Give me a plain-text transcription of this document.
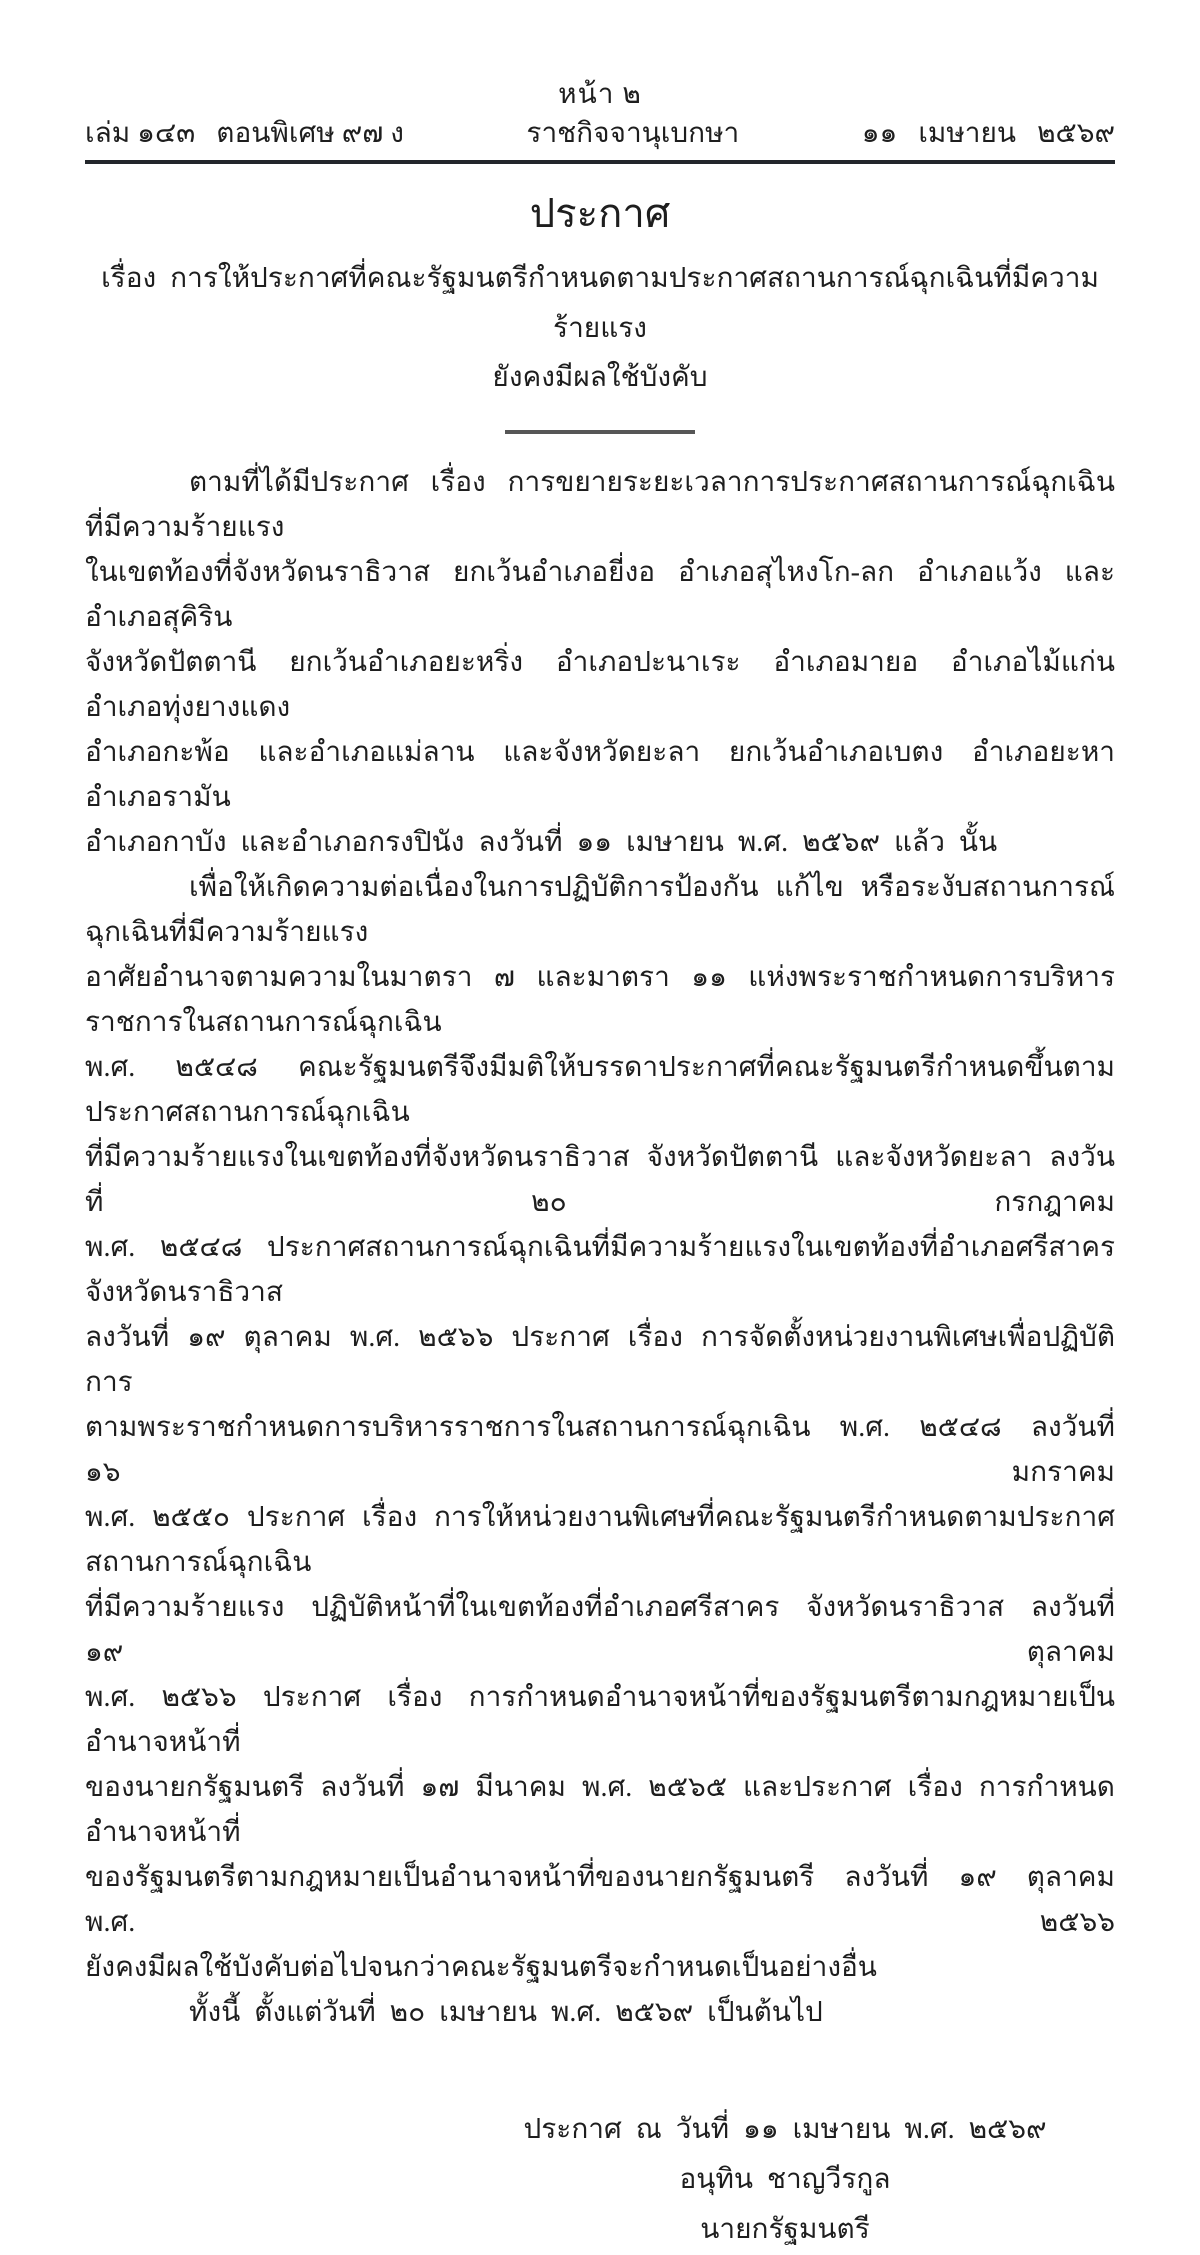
หน้า ๒
เล่ม ๑๔๓   ตอนพิเศษ ๙๗ ง	ราชกิจจานุเบกษา	๑๑   เมษายน   ๒๕๖๙
ประกาศ
เรื่อง  การให้ประกาศที่คณะรัฐมนตรีกำหนดตามประกาศสถานการณ์ฉุกเฉินที่มีความร้ายแรง
ยังคงมีผลใช้บังคับ
ตามที่ได้มีประกาศ  เรื่อง  การขยายระยะเวลาการประกาศสถานการณ์ฉุกเฉินที่มีความร้ายแรง
ในเขตท้องที่จังหวัดนราธิวาส  ยกเว้นอำเภอยี่งอ  อำเภอสุไหงโก-ลก  อำเภอแว้ง  และอำเภอสุคิริน
จังหวัดปัตตานี  ยกเว้นอำเภอยะหริ่ง  อำเภอปะนาเระ  อำเภอมายอ  อำเภอไม้แก่น  อำเภอทุ่งยางแดง
อำเภอกะพ้อ  และอำเภอแม่ลาน  และจังหวัดยะลา  ยกเว้นอำเภอเบตง  อำเภอยะหา  อำเภอรามัน
อำเภอกาบัง  และอำเภอกรงปินัง  ลงวันที่  ๑๑  เมษายน  พ.ศ.  ๒๕๖๙  แล้ว  นั้น
เพื่อให้เกิดความต่อเนื่องในการปฏิบัติการป้องกัน  แก้ไข  หรือระงับสถานการณ์ฉุกเฉินที่มีความร้ายแรง
อาศัยอำนาจตามความในมาตรา  ๗  และมาตรา  ๑๑  แห่งพระราชกำหนดการบริหารราชการในสถานการณ์ฉุกเฉิน
พ.ศ.  ๒๕๔๘  คณะรัฐมนตรีจึงมีมติให้บรรดาประกาศที่คณะรัฐมนตรีกำหนดขึ้นตามประกาศสถานการณ์ฉุกเฉิน
ที่มีความร้ายแรงในเขตท้องที่จังหวัดนราธิวาส  จังหวัดปัตตานี  และจังหวัดยะลา  ลงวันที่  ๒๐  กรกฎาคม
พ.ศ.  ๒๕๔๘  ประกาศสถานการณ์ฉุกเฉินที่มีความร้ายแรงในเขตท้องที่อำเภอศรีสาคร  จังหวัดนราธิวาส
ลงวันที่  ๑๙  ตุลาคม  พ.ศ.  ๒๕๖๖  ประกาศ  เรื่อง  การจัดตั้งหน่วยงานพิเศษเพื่อปฏิบัติการ
ตามพระราชกำหนดการบริหารราชการในสถานการณ์ฉุกเฉิน  พ.ศ.  ๒๕๔๘  ลงวันที่  ๑๖  มกราคม
พ.ศ.  ๒๕๕๐  ประกาศ  เรื่อง  การให้หน่วยงานพิเศษที่คณะรัฐมนตรีกำหนดตามประกาศสถานการณ์ฉุกเฉิน
ที่มีความร้ายแรง  ปฏิบัติหน้าที่ในเขตท้องที่อำเภอศรีสาคร  จังหวัดนราธิวาส  ลงวันที่  ๑๙  ตุลาคม
พ.ศ.  ๒๕๖๖  ประกาศ  เรื่อง  การกำหนดอำนาจหน้าที่ของรัฐมนตรีตามกฎหมายเป็นอำนาจหน้าที่
ของนายกรัฐมนตรี  ลงวันที่  ๑๗  มีนาคม  พ.ศ.  ๒๕๖๕  และประกาศ  เรื่อง  การกำหนดอำนาจหน้าที่
ของรัฐมนตรีตามกฎหมายเป็นอำนาจหน้าที่ของนายกรัฐมนตรี  ลงวันที่  ๑๙  ตุลาคม  พ.ศ.  ๒๕๖๖
ยังคงมีผลใช้บังคับต่อไปจนกว่าคณะรัฐมนตรีจะกำหนดเป็นอย่างอื่น
ทั้งนี้  ตั้งแต่วันที่  ๒๐  เมษายน  พ.ศ.  ๒๕๖๙  เป็นต้นไป
ประกาศ  ณ  วันที่  ๑๑  เมษายน  พ.ศ.  ๒๕๖๙
อนุทิน  ชาญวีรกูล
นายกรัฐมนตรี
